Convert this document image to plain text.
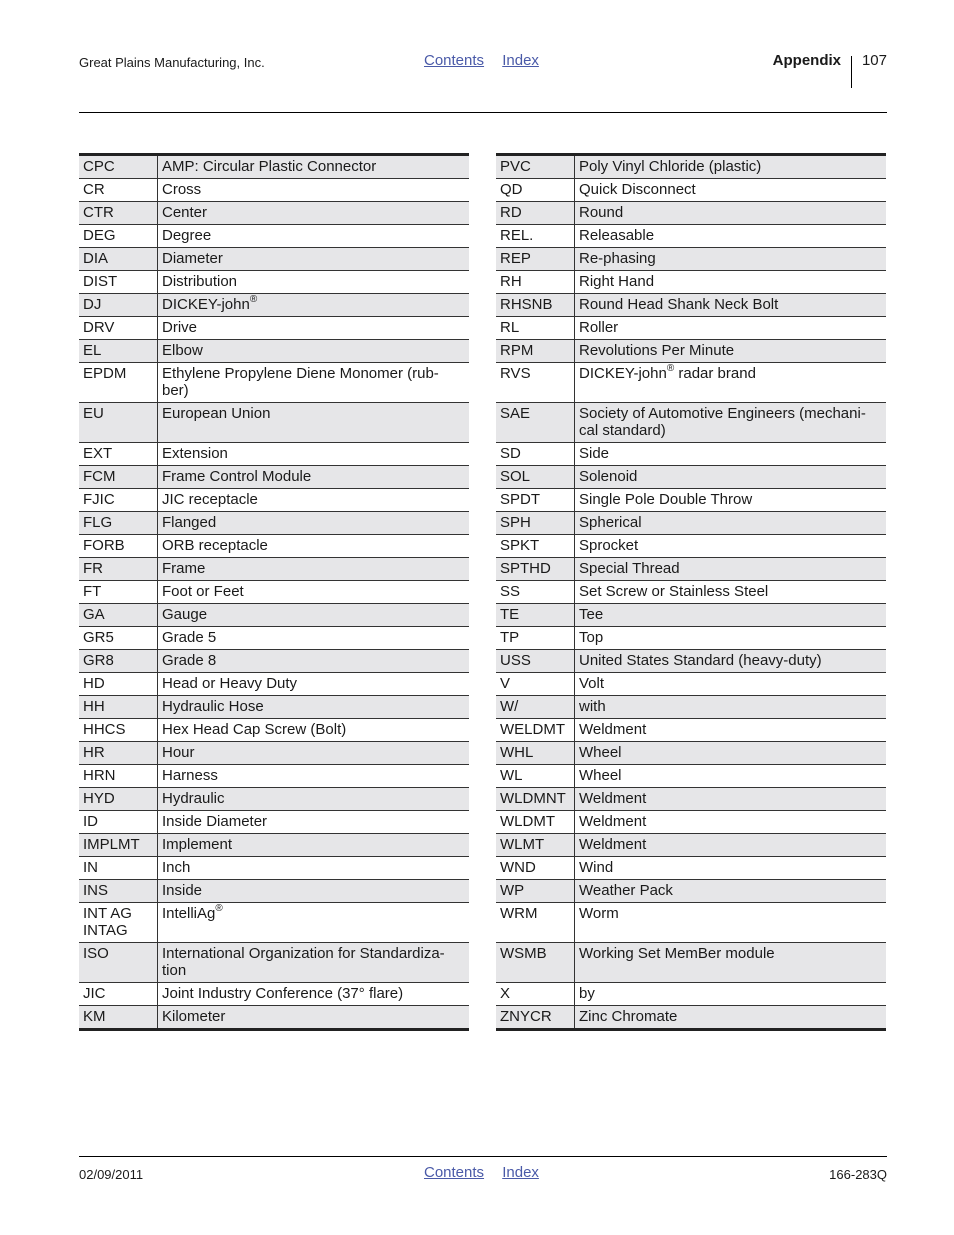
Great Plains Manufacturing, Inc.	Contents Index	Appendix 107
CPC	AMP: Circular Plastic Connector
CR	Cross
CTR	Center
DEG	Degree
DIA	Diameter
DIST	Distribution
DJ	DICKEY-john®
DRV	Drive
EL	Elbow
EPDM	Ethylene Propylene Diene Monomer (rub-
ber)
EU	European Union
EXT	Extension
FCM	Frame Control Module
FJIC	JIC receptacle
FLG	Flanged
FORB	ORB receptacle
FR	Frame
FT	Foot or Feet
GA	Gauge
GR5	Grade 5
GR8	Grade 8
HD	Head or Heavy Duty
HH	Hydraulic Hose
HHCS	Hex Head Cap Screw (Bolt)
HR	Hour
HRN	Harness
HYD	Hydraulic
ID	Inside Diameter
IMPLMT	Implement
IN	Inch
INS	Inside
INT AG
INTAG	IntelliAg®
ISO	International Organization for Standardiza-
tion
JIC	Joint Industry Conference (37° flare)
KM	Kilometer
PVC	Poly Vinyl Chloride (plastic)
QD	Quick Disconnect
RD	Round
REL.	Releasable
REP	Re-phasing
RH	Right Hand
RHSNB	Round Head Shank Neck Bolt
RL	Roller
RPM	Revolutions Per Minute
RVS	DICKEY-john® radar brand
SAE	Society of Automotive Engineers (mechani-
cal standard)
SD	Side
SOL	Solenoid
SPDT	Single Pole Double Throw
SPH	Spherical
SPKT	Sprocket
SPTHD	Special Thread
SS	Set Screw or Stainless Steel
TE	Tee
TP	Top
USS	United States Standard (heavy-duty)
V	Volt
W/	with
WELDMT	Weldment
WHL	Wheel
WL	Wheel
WLDMNT	Weldment
WLDMT	Weldment
WLMT	Weldment
WND	Wind
WP	Weather Pack
WRM	Worm
WSMB	Working Set MemBer module
X	by
ZNYCR	Zinc Chromate
02/09/2011	Contents Index	166-283Q
